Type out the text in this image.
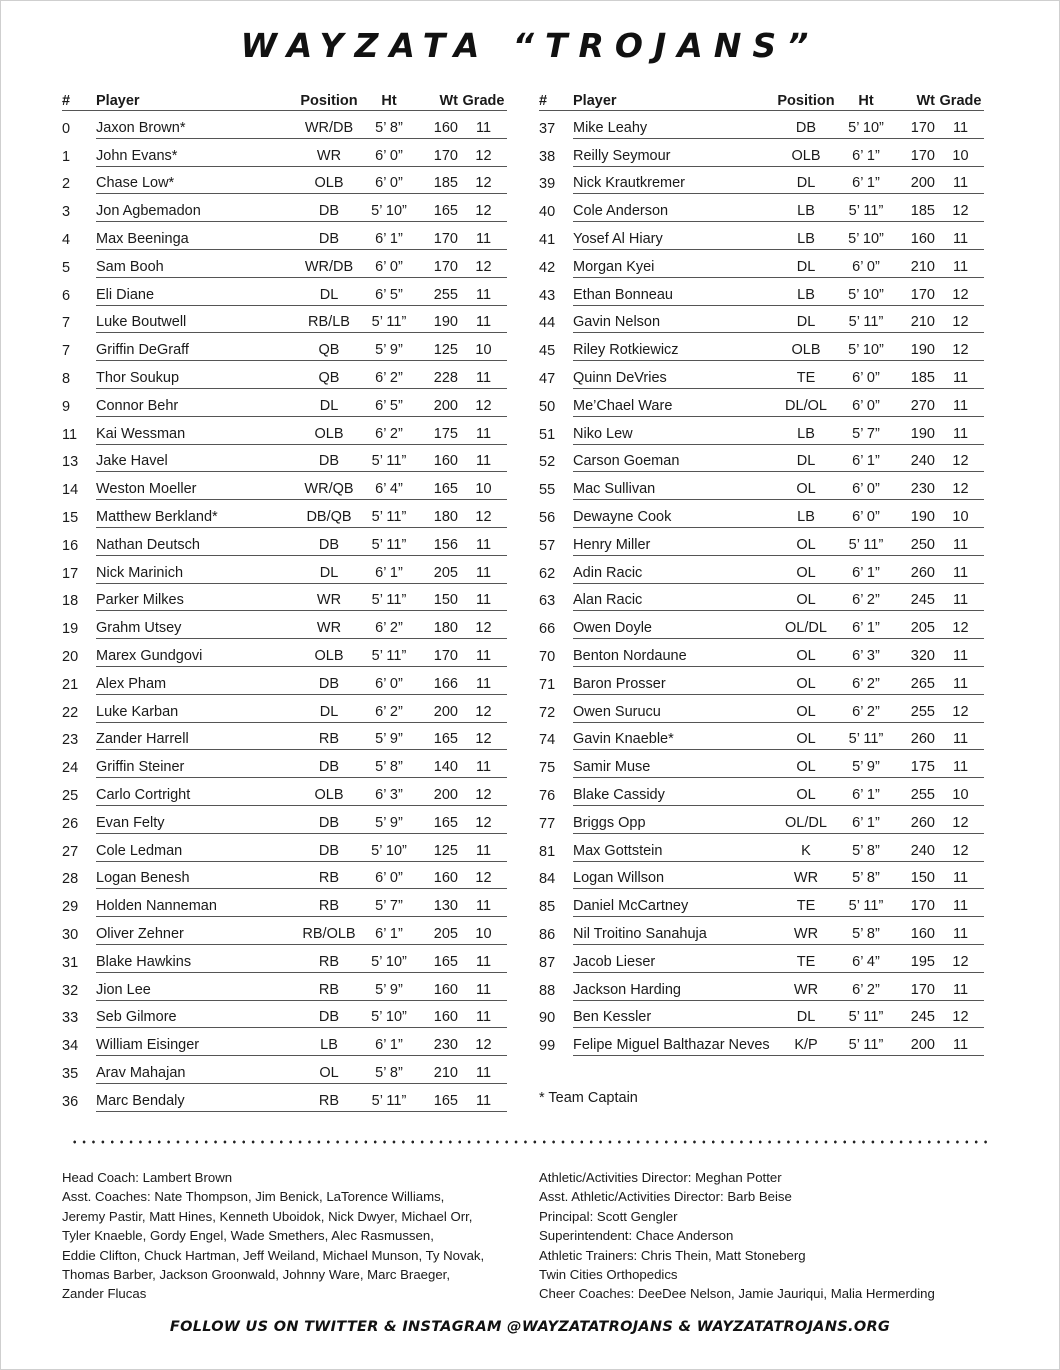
WAYZATA “TROJANS”
#	Player	Position	Ht	Wt Grade
0	Jaxon Brown*	WR/DB	5’ 8”	160	11
1	John Evans*	WR	6’ 0”	170	12
2	Chase Low*	OLB	6’ 0”	185	12
3	Jon Agbemadon	DB	5’ 10”	165	12
4	Max Beeninga	DB	6’ 1”	170	11
5	Sam Booh	WR/DB	6’ 0”	170	12
6	Eli Diane	DL	6’ 5”	255	11
7	Luke Boutwell	RB/LB	5’ 11”	190	11
7	Griffin DeGraff	QB	5’ 9”	125	10
8	Thor Soukup	QB	6’ 2”	228	11
9	Connor Behr	DL	6’ 5”	200	12
11	Kai Wessman	OLB	6’ 2”	175	11
13	Jake Havel	DB	5’ 11”	160	11
14	Weston Moeller	WR/QB	6’ 4”	165	10
15	Matthew Berkland*	DB/QB	5’ 11”	180	12
16	Nathan Deutsch	DB	5’ 11”	156	11
17	Nick Marinich	DL	6’ 1”	205	11
18	Parker Milkes	WR	5’ 11”	150	11
19	Grahm Utsey	WR	6’ 2”	180	12
20	Marex Gundgovi	OLB	5’ 11”	170	11
21	Alex Pham	DB	6’ 0”	166	11
22	Luke Karban	DL	6’ 2”	200	12
23	Zander Harrell	RB	5’ 9”	165	12
24	Griffin Steiner	DB	5’ 8”	140	11
25	Carlo Cortright	OLB	6’ 3”	200	12
26	Evan Felty	DB	5’ 9”	165	12
27	Cole Ledman	DB	5’ 10”	125	11
28	Logan Benesh	RB	6’ 0”	160	12
29	Holden Nanneman	RB	5’ 7”	130	11
30	Oliver Zehner	RB/OLB	6’ 1”	205	10
31	Blake Hawkins	RB	5’ 10”	165	11
32	Jion Lee	RB	5’ 9”	160	11
33	Seb Gilmore	DB	5’ 10”	160	11
34	William Eisinger	LB	6’ 1”	230	12
35	Arav Mahajan	OL	5’ 8”	210	11
36	Marc Bendaly	RB	5’ 11”	165	11
#	Player	Position	Ht	Wt Grade
37	Mike Leahy	DB	5’ 10”	170	11
38	Reilly Seymour	OLB	6’ 1”	170	10
39	Nick Krautkremer	DL	6’ 1”	200	11
40	Cole Anderson	LB	5’ 11”	185	12
41	Yosef Al Hiary	LB	5’ 10”	160	11
42	Morgan Kyei	DL	6’ 0”	210	11
43	Ethan Bonneau	LB	5’ 10”	170	12
44	Gavin Nelson	DL	5’ 11”	210	12
45	Riley Rotkiewicz	OLB	5’ 10”	190	12
47	Quinn DeVries	TE	6’ 0”	185	11
50	Me’Chael Ware	DL/OL	6’ 0”	270	11
51	Niko Lew	LB	5’ 7”	190	11
52	Carson Goeman	DL	6’ 1”	240	12
55	Mac Sullivan	OL	6’ 0”	230	12
56	Dewayne Cook	LB	6’ 0”	190	10
57	Henry Miller	OL	5’ 11”	250	11
62	Adin Racic	OL	6’ 1”	260	11
63	Alan Racic	OL	6’ 2”	245	11
66	Owen Doyle	OL/DL	6’ 1”	205	12
70	Benton Nordaune	OL	6’ 3”	320	11
71	Baron Prosser	OL	6’ 2”	265	11
72	Owen Surucu	OL	6’ 2”	255	12
74	Gavin Knaeble*	OL	5’ 11”	260	11
75	Samir Muse	OL	5’ 9”	175	11
76	Blake Cassidy	OL	6’ 1”	255	10
77	Briggs Opp	OL/DL	6’ 1”	260	12
81	Max Gottstein	K	5’ 8”	240	12
84	Logan Willson	WR	5’ 8”	150	11
85	Daniel McCartney	TE	5’ 11”	170	11
86	Nil Troitino Sanahuja	WR	5’ 8”	160	11
87	Jacob Lieser	TE	6’ 4”	195	12
88	Jackson Harding	WR	6’ 2”	170	11
90	Ben Kessler	DL	5’ 11”	245	12
99	Felipe Miguel Balthazar Neves	K/P	5’ 11”	200	11

* Team Captain

Head Coach: Lambert Brown

Asst. Coaches: Nate Thompson, Jim Benick, LaTorence Williams,

Jeremy Pastir, Matt Hines, Kenneth Uboidok, Nick Dwyer, Michael Orr,

Tyler Knaeble, Gordy Engel, Wade Smethers, Alec Rasmussen,

Eddie Clifton, Chuck Hartman, Jeff Weiland, Michael Munson, Ty Novak,

Thomas Barber, Jackson Groonwald, Johnny Ware, Marc Braeger,

Zander Flucas

Athletic/Activities Director: Meghan Potter

Asst. Athletic/Activities Director: Barb Beise

Principal: Scott Gengler

Superintendent: Chace Anderson

Athletic Trainers: Chris Thein, Matt Stoneberg

Twin Cities Orthopedics

Cheer Coaches: DeeDee Nelson, Jamie Jauriqui, Malia Hermerding

FOLLOW US ON TWITTER & INSTAGRAM @WAYZATATROJANS & WAYZATATROJANS.ORG
